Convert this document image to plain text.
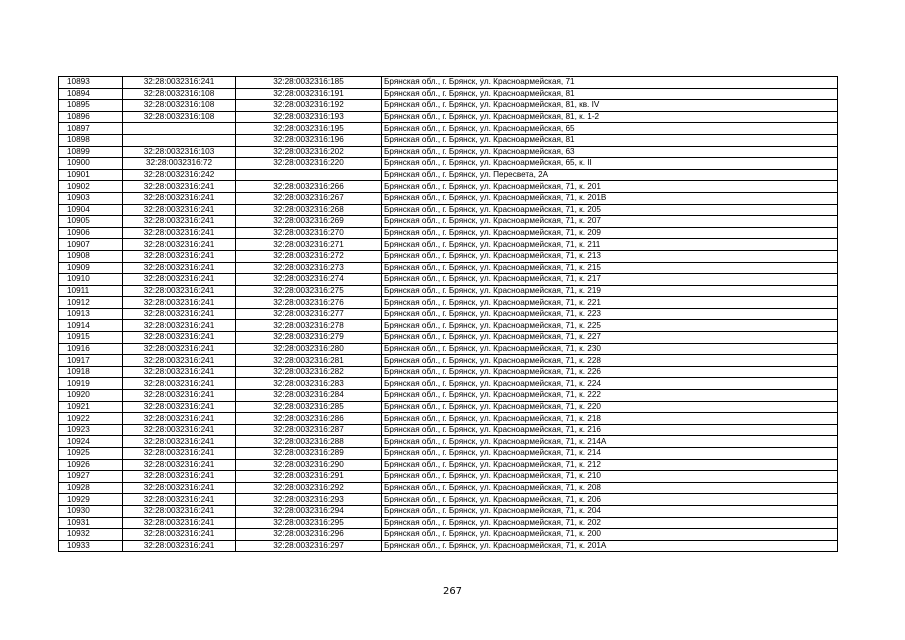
10893	32:28:0032316:241	32:28:0032316:185	Брянская обл., г. Брянск, ул. Красноармейская, 71
10894	32:28:0032316:108	32:28:0032316:191	Брянская обл., г. Брянск, ул. Красноармейская, 81
10895	32:28:0032316:108	32:28:0032316:192	Брянская обл., г. Брянск, ул. Красноармейская, 81, кв. IV
10896	32:28:0032316:108	32:28:0032316:193	Брянская обл., г. Брянск, ул. Красноармейская, 81, к. 1-2
10897		32:28:0032316:195	Брянская обл., г. Брянск, ул. Красноармейская, 65
10898		32:28:0032316:196	Брянская обл., г. Брянск, ул. Красноармейская, 81
10899	32:28:0032316:103	32:28:0032316:202	Брянская обл., г. Брянск, ул. Красноармейская, 63
10900	32:28:0032316:72	32:28:0032316:220	Брянская обл., г. Брянск, ул. Красноармейская, 65, к. II
10901	32:28:0032316:242		Брянская обл., г. Брянск, ул. Пересвета, 2А
10902	32:28:0032316:241	32:28:0032316:266	Брянская обл., г. Брянск, ул. Красноармейская, 71, к. 201
10903	32:28:0032316:241	32:28:0032316:267	Брянская обл., г. Брянск, ул. Красноармейская, 71, к. 201В
10904	32:28:0032316:241	32:28:0032316:268	Брянская обл., г. Брянск, ул. Красноармейская, 71, к. 205
10905	32:28:0032316:241	32:28:0032316:269	Брянская обл., г. Брянск, ул. Красноармейская, 71, к. 207
10906	32:28:0032316:241	32:28:0032316:270	Брянская обл., г. Брянск, ул. Красноармейская, 71, к. 209
10907	32:28:0032316:241	32:28:0032316:271	Брянская обл., г. Брянск, ул. Красноармейская, 71, к. 211
10908	32:28:0032316:241	32:28:0032316:272	Брянская обл., г. Брянск, ул. Красноармейская, 71, к. 213
10909	32:28:0032316:241	32:28:0032316:273	Брянская обл., г. Брянск, ул. Красноармейская, 71, к. 215
10910	32:28:0032316:241	32:28:0032316:274	Брянская обл., г. Брянск, ул. Красноармейская, 71, к. 217
10911	32:28:0032316:241	32:28:0032316:275	Брянская обл., г. Брянск, ул. Красноармейская, 71, к. 219
10912	32:28:0032316:241	32:28:0032316:276	Брянская обл., г. Брянск, ул. Красноармейская, 71, к. 221
10913	32:28:0032316:241	32:28:0032316:277	Брянская обл., г. Брянск, ул. Красноармейская, 71, к. 223
10914	32:28:0032316:241	32:28:0032316:278	Брянская обл., г. Брянск, ул. Красноармейская, 71, к. 225
10915	32:28:0032316:241	32:28:0032316:279	Брянская обл., г. Брянск, ул. Красноармейская, 71, к. 227
10916	32:28:0032316:241	32:28:0032316:280	Брянская обл., г. Брянск, ул. Красноармейская, 71, к. 230
10917	32:28:0032316:241	32:28:0032316:281	Брянская обл., г. Брянск, ул. Красноармейская, 71, к. 228
10918	32:28:0032316:241	32:28:0032316:282	Брянская обл., г. Брянск, ул. Красноармейская, 71, к. 226
10919	32:28:0032316:241	32:28:0032316:283	Брянская обл., г. Брянск, ул. Красноармейская, 71, к. 224
10920	32:28:0032316:241	32:28:0032316:284	Брянская обл., г. Брянск, ул. Красноармейская, 71, к. 222
10921	32:28:0032316:241	32:28:0032316:285	Брянская обл., г. Брянск, ул. Красноармейская, 71, к. 220
10922	32:28:0032316:241	32:28:0032316:286	Брянская обл., г. Брянск, ул. Красноармейская, 71, к. 218
10923	32:28:0032316:241	32:28:0032316:287	Брянская обл., г. Брянск, ул. Красноармейская, 71, к. 216
10924	32:28:0032316:241	32:28:0032316:288	Брянская обл., г. Брянск, ул. Красноармейская, 71, к. 214А
10925	32:28:0032316:241	32:28:0032316:289	Брянская обл., г. Брянск, ул. Красноармейская, 71, к. 214
10926	32:28:0032316:241	32:28:0032316:290	Брянская обл., г. Брянск, ул. Красноармейская, 71, к. 212
10927	32:28:0032316:241	32:28:0032316:291	Брянская обл., г. Брянск, ул. Красноармейская, 71, к. 210
10928	32:28:0032316:241	32:28:0032316:292	Брянская обл., г. Брянск, ул. Красноармейская, 71, к. 208
10929	32:28:0032316:241	32:28:0032316:293	Брянская обл., г. Брянск, ул. Красноармейская, 71, к. 206
10930	32:28:0032316:241	32:28:0032316:294	Брянская обл., г. Брянск, ул. Красноармейская, 71, к. 204
10931	32:28:0032316:241	32:28:0032316:295	Брянская обл., г. Брянск, ул. Красноармейская, 71, к. 202
10932	32:28:0032316:241	32:28:0032316:296	Брянская обл., г. Брянск, ул. Красноармейская, 71, к. 200
10933	32:28:0032316:241	32:28:0032316:297	Брянская обл., г. Брянск, ул. Красноармейская, 71, к. 201А
267
